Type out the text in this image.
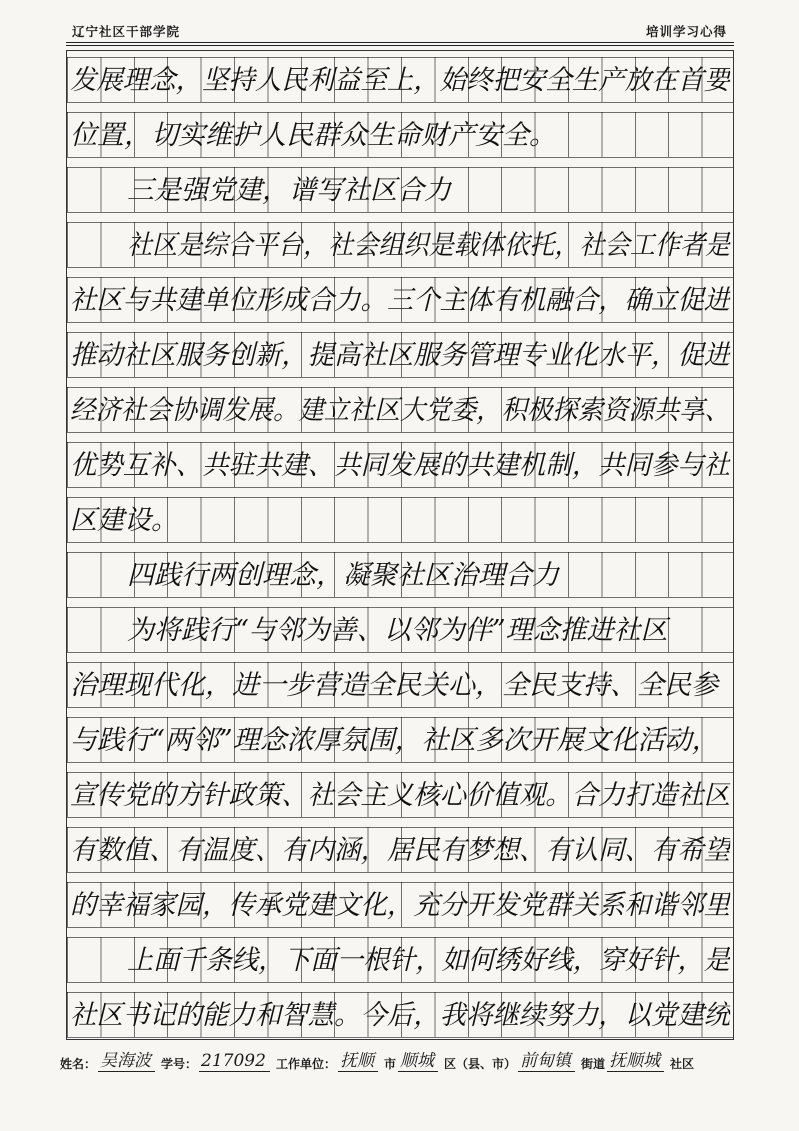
辽宁社区干部学院	培训学习心得
发展理念，坚持人民利益至上，始终把安全生产放在首要
位置，切实维护人民群众生命财产安全。
三是强党建，谱写社区合力
社区是综合平台，社会组织是载体依托，社会工作者是
社区与共建单位形成合力。三个主体有机融合，确立促进
推动社区服务创新，提高社区服务管理专业化水平，促进
经济社会协调发展。建立社区大党委，积极探索资源共享、
优势互补、共驻共建、共同发展的共建机制，共同参与社
区建设。
四践行两创理念，凝聚社区治理合力
为将践行“与邻为善、以邻为伴”理念推进社区
治理现代化，进一步营造全民关心，全民支持、全民参
与践行“两邻”理念浓厚氛围，社区多次开展文化活动，
宣传党的方针政策、社会主义核心价值观。合力打造社区
有数值、有温度、有内涵，居民有梦想、有认同、有希望
的幸福家园，传承党建文化，充分开发党群关系和谐邻里
上面千条线，下面一根针，如何绣好线，穿好针，是
社区书记的能力和智慧。今后，我将继续努力，以党建统
姓名： 吴海波 学号： 217092 工作单位： 抚顺 市 顺城 区（县、市） 前甸镇 街道 抚顺城 社区
